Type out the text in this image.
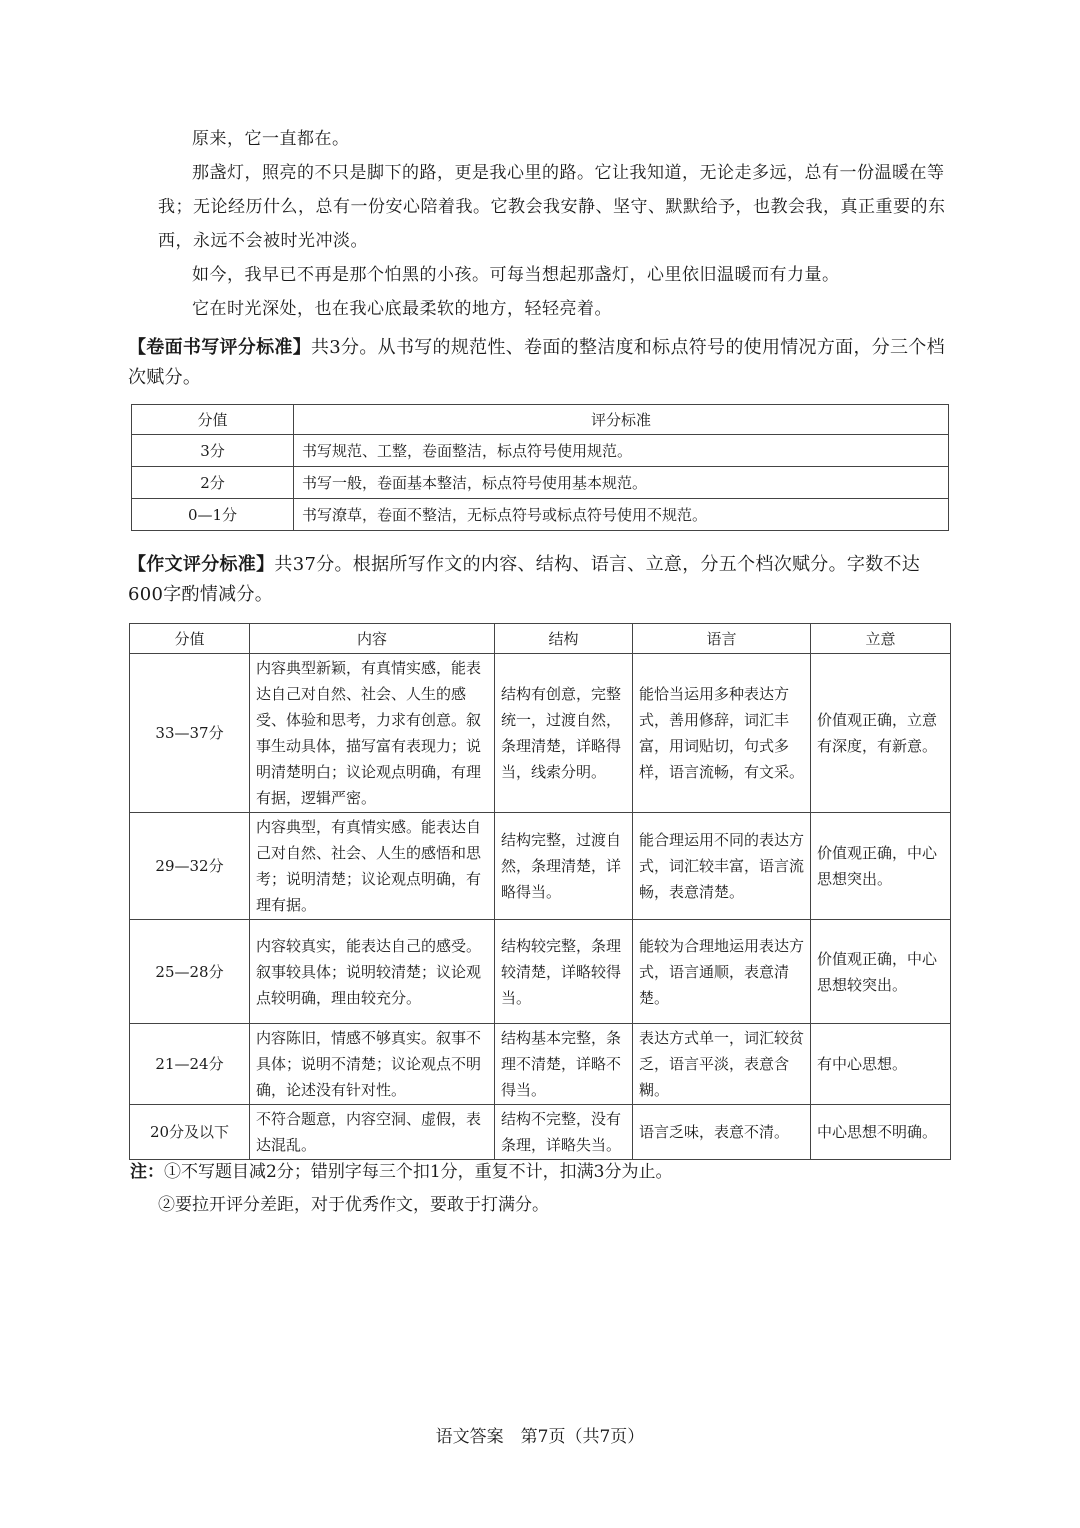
原来，它一直都在。

那盏灯，照亮的不只是脚下的路，更是我心里的路。它让我知道，无论走多远，总有一份温暖在等我；无论经历什么，总有一份安心陪着我。它教会我安静、坚守、默默给予，也教会我，真正重要的东西，永远不会被时光冲淡。

如今，我早已不再是那个怕黑的小孩。可每当想起那盏灯，心里依旧温暖而有力量。

它在时光深处，也在我心底最柔软的地方，轻轻亮着。

【卷面书写评分标准】共3分。从书写的规范性、卷面的整洁度和标点符号的使用情况方面，分三个档次赋分。
分值	评分标准
3分	书写规范、工整，卷面整洁，标点符号使用规范。
2分	书写一般，卷面基本整洁，标点符号使用基本规范。
0—1分	书写潦草，卷面不整洁，无标点符号或标点符号使用不规范。
【作文评分标准】共37分。根据所写作文的内容、结构、语言、立意，分五个档次赋分。字数不达600字酌情减分。
分值	内容	结构	语言	立意
33—37分	内容典型新颖，有真情实感，能表达自己对自然、社会、人生的感受、体验和思考，力求有创意。叙事生动具体，描写富有表现力；说明清楚明白；议论观点明确，有理有据，逻辑严密。	结构有创意，完整统一，过渡自然，条理清楚，详略得当，线索分明。	能恰当运用多种表达方式，善用修辞，词汇丰富，用词贴切，句式多样，语言流畅，有文采。	价值观正确，立意有深度，有新意。
29—32分	内容典型，有真情实感。能表达自己对自然、社会、人生的感悟和思考；说明清楚；议论观点明确，有理有据。	结构完整，过渡自然，条理清楚，详略得当。	能合理运用不同的表达方式，词汇较丰富，语言流畅，表意清楚。	价值观正确，中心思想突出。
25—28分	内容较真实，能表达自己的感受。叙事较具体；说明较清楚；议论观点较明确，理由较充分。	结构较完整，条理较清楚，详略较得当。	能较为合理地运用表达方式，语言通顺，表意清楚。	价值观正确，中心思想较突出。
21—24分	内容陈旧，情感不够真实。叙事不具体；说明不清楚；议论观点不明确，论述没有针对性。	结构基本完整，条理不清楚，详略不得当。	表达方式单一，词汇较贫乏，语言平淡，表意含糊。	有中心思想。
20分及以下	不符合题意，内容空洞、虚假，表达混乱。	结构不完整，没有条理，详略失当。	语言乏味，表意不清。	中心思想不明确。
注：①不写题目减2分；错别字每三个扣1分，重复不计，扣满3分为止。
②要拉开评分差距，对于优秀作文，要敢于打满分。
语文答案　第7页（共7页）
